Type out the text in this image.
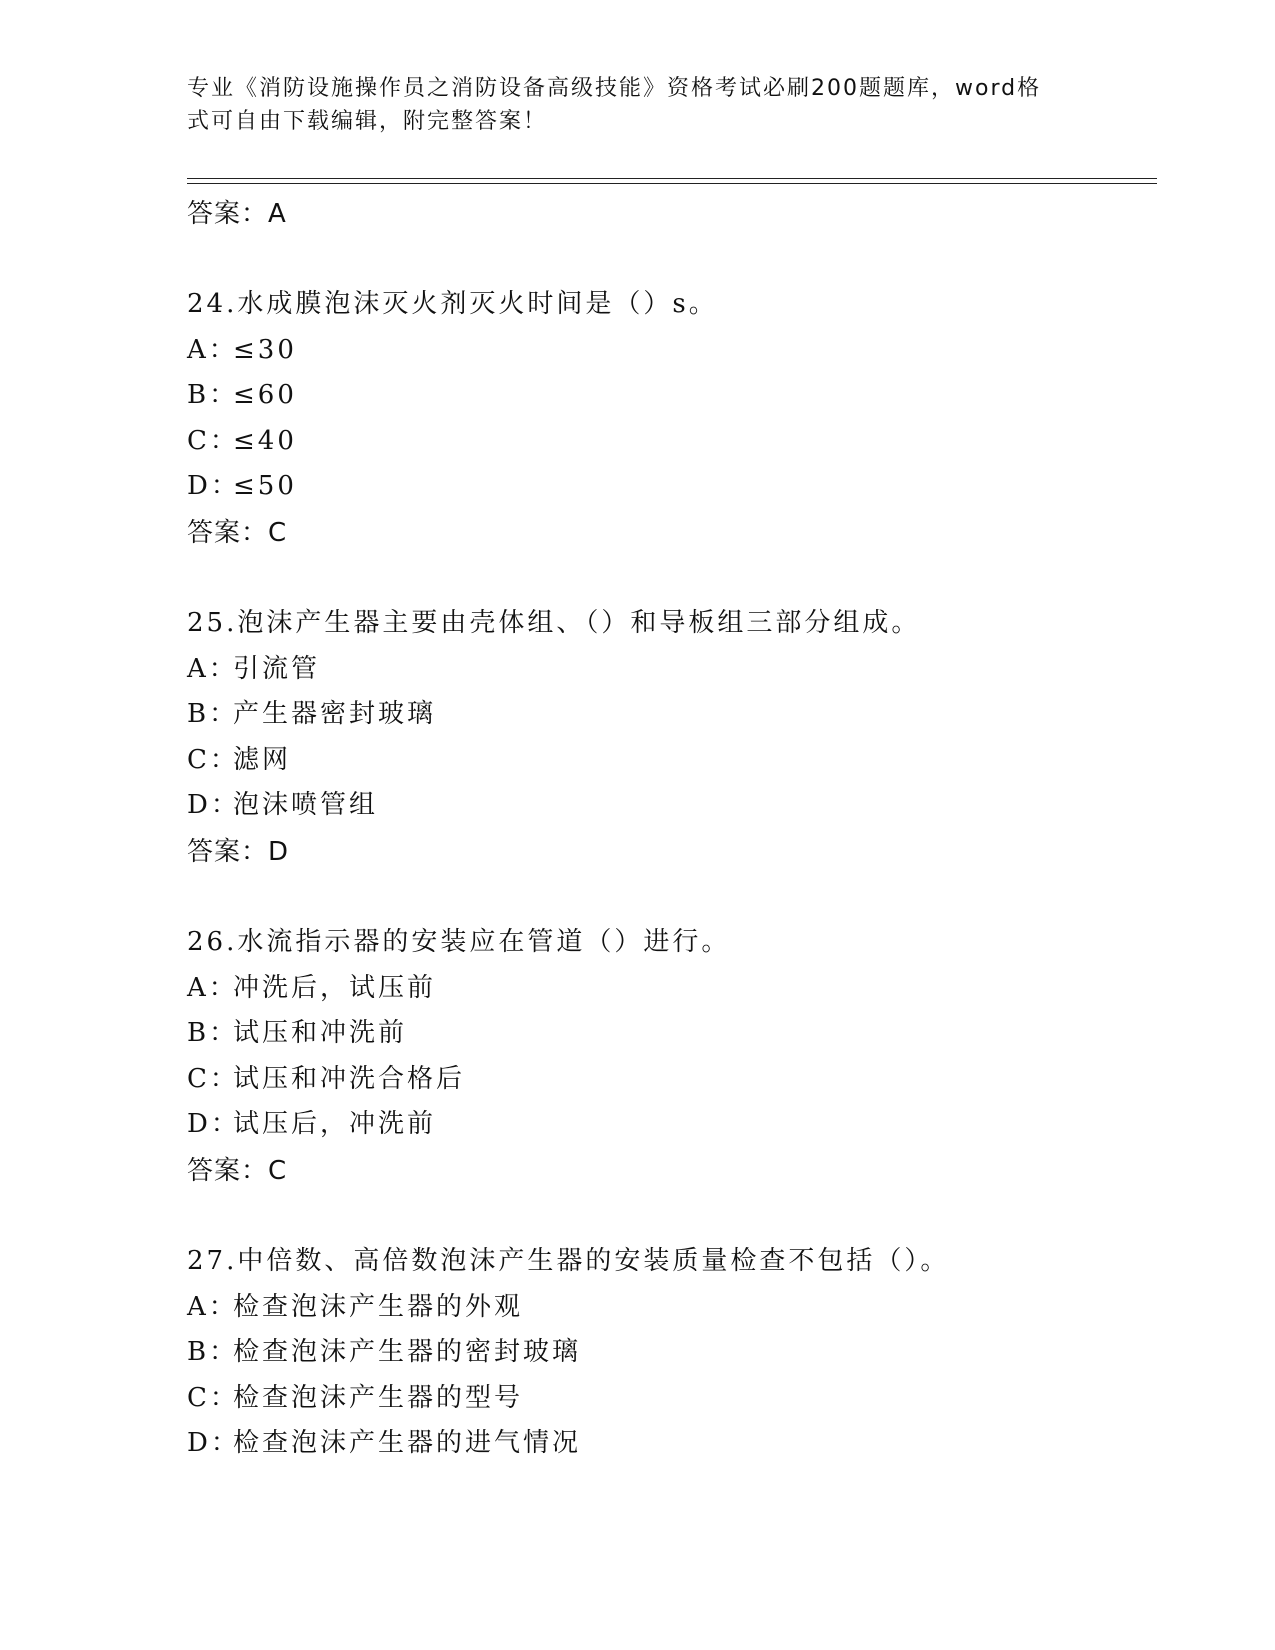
专业《消防设施操作员之消防设备高级技能》资格考试必刷200题题库，word格
式可自由下载编辑，附完整答案！
答案：A
24.水成膜泡沫灭火剂灭火时间是（）s。
A：≤30
B：≤60
C：≤40
D：≤50
答案：C
25.泡沫产生器主要由壳体组、（）和导板组三部分组成。
A：引流管
B：产生器密封玻璃
C：滤网
D：泡沫喷管组
答案：D
26.水流指示器的安装应在管道（）进行。
A：冲洗后，试压前
B：试压和冲洗前
C：试压和冲洗合格后
D：试压后，冲洗前
答案：C
27.中倍数、高倍数泡沫产生器的安装质量检查不包括（）。
A：检查泡沫产生器的外观
B：检查泡沫产生器的密封玻璃
C：检查泡沫产生器的型号
D：检查泡沫产生器的进气情况
